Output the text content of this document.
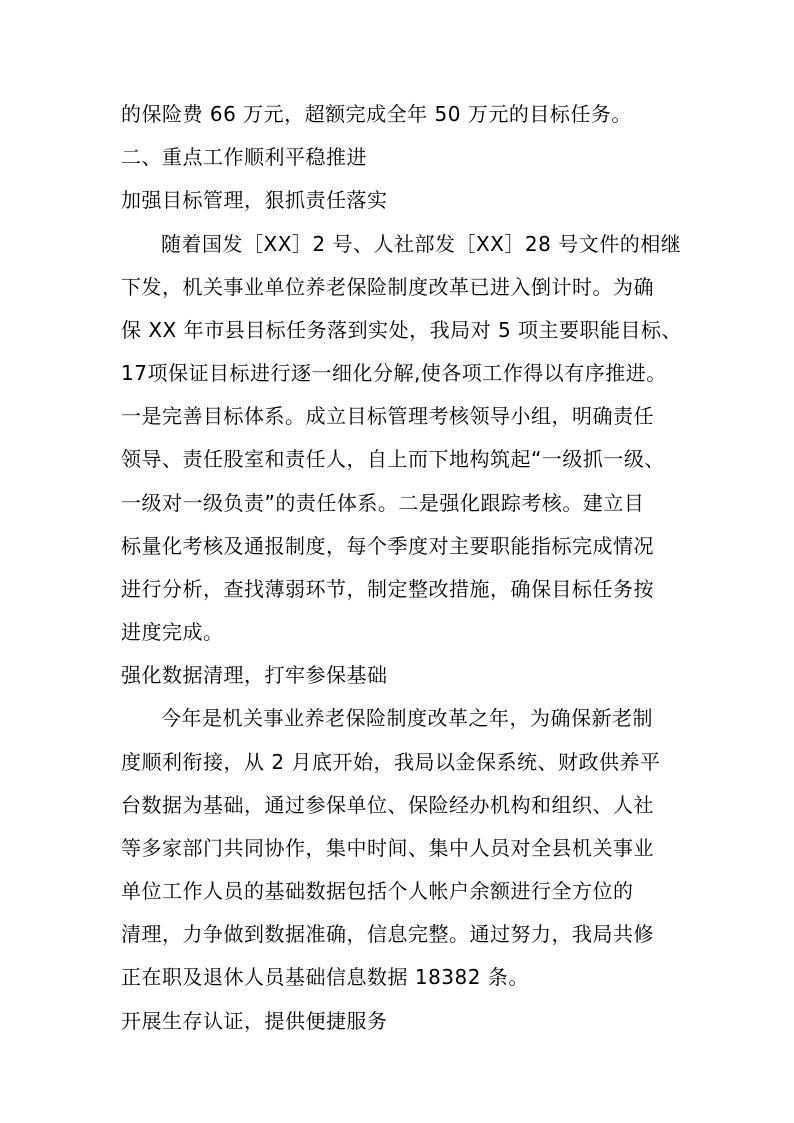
的保险费 66 万元，超额完成全年 50 万元的目标任务。
二、重点工作顺利平稳推进
加强目标管理，狠抓责任落实
随着国发［XX］2 号、人社部发［XX］28 号文件的相继
下发，机关事业单位养老保险制度改革已进入倒计时。为确
保 XX 年市县目标任务落到实处，我局对 5 项主要职能目标、
17项保证目标进行逐一细化分解,使各项工作得以有序推进。
一是完善目标体系。成立目标管理考核领导小组，明确责任
领导、责任股室和责任人，自上而下地构筑起“一级抓一级、
一级对一级负责”的责任体系。二是强化跟踪考核。建立目
标量化考核及通报制度，每个季度对主要职能指标完成情况
进行分析，查找薄弱环节，制定整改措施，确保目标任务按
进度完成。
强化数据清理，打牢参保基础
今年是机关事业养老保险制度改革之年，为确保新老制
度顺利衔接，从 2 月底开始，我局以金保系统、财政供养平
台数据为基础，通过参保单位、保险经办机构和组织、人社
等多家部门共同协作，集中时间、集中人员对全县机关事业
单位工作人员的基础数据包括个人帐户余额进行全方位的
清理，力争做到数据准确，信息完整。通过努力，我局共修
正在职及退休人员基础信息数据 18382 条。
开展生存认证，提供便捷服务
